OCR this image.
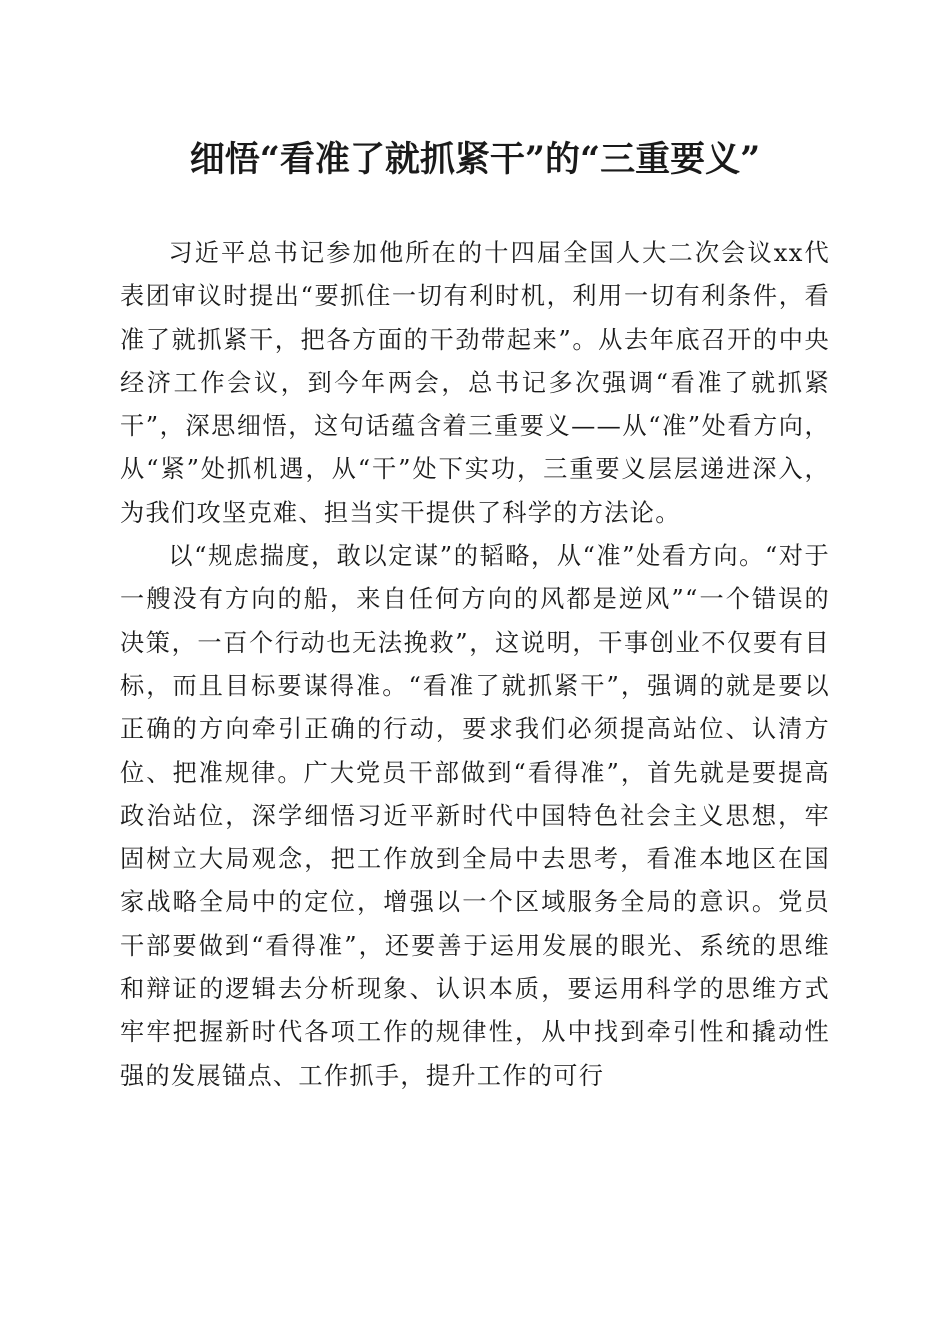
细悟“看准了就抓紧干”的“三重要义”

习近平总书记参加他所在的十四届全国人大二次会议xx代表团审议时提出“要抓住一切有利时机，利用一切有利条件，看准了就抓紧干，把各方面的干劲带起来”。从去年底召开的中央经济工作会议，到今年两会，总书记多次强调“看准了就抓紧干”，深思细悟，这句话蕴含着三重要义——从“准”处看方向，从“紧”处抓机遇，从“干”处下实功，三重要义层层递进深入，为我们攻坚克难、担当实干提供了科学的方法论。

以“规虑揣度，敢以定谋”的韬略，从“准”处看方向。“对于一艘没有方向的船，来自任何方向的风都是逆风”“一个错误的决策，一百个行动也无法挽救”，这说明，干事创业不仅要有目标，而且目标要谋得准。“看准了就抓紧干”，强调的就是要以正确的方向牵引正确的行动，要求我们必须提高站位、认清方位、把准规律。广大党员干部做到“看得准”，首先就是要提高政治站位，深学细悟习近平新时代中国特色社会主义思想，牢固树立大局观念，把工作放到全局中去思考，看准本地区在国家战略全局中的定位，增强以一个区域服务全局的意识。党员干部要做到“看得准”，还要善于运用发展的眼光、系统的思维和辩证的逻辑去分析现象、认识本质，要运用科学的思维方式牢牢把握新时代各项工作的规律性，从中找到牵引性和撬动性强的发展锚点、工作抓手，提升工作的可行
